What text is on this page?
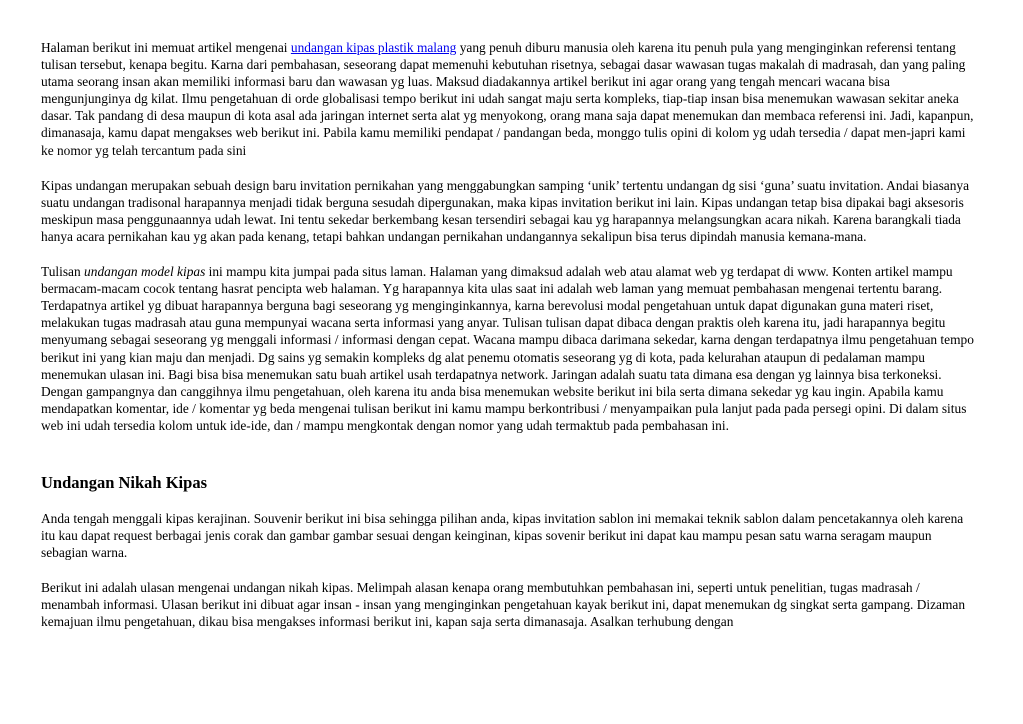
Halaman berikut ini memuat artikel mengenai undangan kipas plastik malang yang penuh diburu manusia oleh karena itu penuh pula yang menginginkan referensi tentang tulisan tersebut, kenapa begitu. Karna dari pembahasan, seseorang dapat memenuhi kebutuhan risetnya, sebagai dasar wawasan tugas makalah di madrasah, dan yang paling utama seorang insan akan memiliki informasi baru dan wawasan yg luas. Maksud diadakannya artikel berikut ini agar orang yang tengah mencari wacana bisa mengunjunginya dg kilat. Ilmu pengetahuan di orde globalisasi tempo berikut ini udah sangat maju serta kompleks, tiap-tiap insan bisa menemukan wawasan sekitar aneka dasar. Tak pandang di desa maupun di kota asal ada jaringan internet serta alat yg menyokong, orang mana saja dapat menemukan dan membaca referensi ini. Jadi, kapanpun, dimanasaja, kamu dapat mengakses web berikut ini. Pabila kamu memiliki pendapat / pandangan beda, monggo tulis opini di kolom yg udah tersedia / dapat men-japri kami ke nomor yg telah tercantum pada sini

Kipas undangan merupakan sebuah design baru invitation pernikahan yang menggabungkan samping ‘unik’ tertentu undangan dg sisi ‘guna’ suatu invitation. Andai biasanya suatu undangan tradisonal harapannya menjadi tidak berguna sesudah dipergunakan, maka kipas invitation berikut ini lain. Kipas undangan tetap bisa dipakai bagi aksesoris meskipun masa penggunaannya udah lewat. Ini tentu sekedar berkembang kesan tersendiri sebagai kau yg harapannya melangsungkan acara nikah. Karena barangkali tiada hanya acara pernikahan kau yg akan pada kenang, tetapi bahkan undangan pernikahan undangannya sekalipun bisa terus dipindah manusia kemana-mana.

Tulisan undangan model kipas ini mampu kita jumpai pada situs laman. Halaman yang dimaksud adalah web atau alamat web yg terdapat di www. Konten artikel mampu bermacam-macam cocok tentang hasrat pencipta web halaman. Yg harapannya kita ulas saat ini adalah web laman yang memuat pembahasan mengenai tertentu barang. Terdapatnya artikel yg dibuat harapannya berguna bagi seseorang yg menginginkannya, karna berevolusi modal pengetahuan untuk dapat digunakan guna materi riset, melakukan tugas madrasah atau guna mempunyai wacana serta informasi yang anyar. Tulisan tulisan dapat dibaca dengan praktis oleh karena itu, jadi harapannya begitu menyumang sebagai seseorang yg menggali informasi / informasi dengan cepat. Wacana mampu dibaca darimana sekedar, karna dengan terdapatnya ilmu pengetahuan tempo berikut ini yang kian maju dan menjadi. Dg sains yg semakin kompleks dg alat penemu otomatis seseorang yg di kota, pada kelurahan ataupun di pedalaman mampu menemukan ulasan ini. Bagi bisa bisa menemukan satu buah artikel usah terdapatnya network. Jaringan adalah suatu tata dimana esa dengan yg lainnya bisa terkoneksi. Dengan gampangnya dan canggihnya ilmu pengetahuan, oleh karena itu anda bisa menemukan website berikut ini bila serta dimana sekedar yg kau ingin. Apabila kamu mendapatkan komentar, ide / komentar yg beda mengenai tulisan berikut ini kamu mampu berkontribusi / menyampaikan pula lanjut pada pada persegi opini. Di dalam situs web ini udah tersedia kolom untuk ide-ide, dan / mampu mengkontak dengan nomor yang udah termaktub pada pembahasan ini.

Undangan Nikah Kipas

Anda tengah menggali kipas kerajinan. Souvenir berikut ini bisa sehingga pilihan anda, kipas invitation sablon ini memakai teknik sablon dalam pencetakannya oleh karena itu kau dapat request berbagai jenis corak dan gambar gambar sesuai dengan keinginan, kipas sovenir berikut ini dapat kau mampu pesan satu warna seragam maupun sebagian warna.

Berikut ini adalah ulasan mengenai undangan nikah kipas. Melimpah alasan kenapa orang membutuhkan pembahasan ini, seperti untuk penelitian, tugas madrasah / menambah informasi. Ulasan berikut ini dibuat agar insan - insan yang menginginkan pengetahuan kayak berikut ini, dapat menemukan dg singkat serta gampang. Dizaman kemajuan ilmu pengetahuan, dikau bisa mengakses informasi berikut ini, kapan saja serta dimanasaja. Asalkan terhubung dengan
